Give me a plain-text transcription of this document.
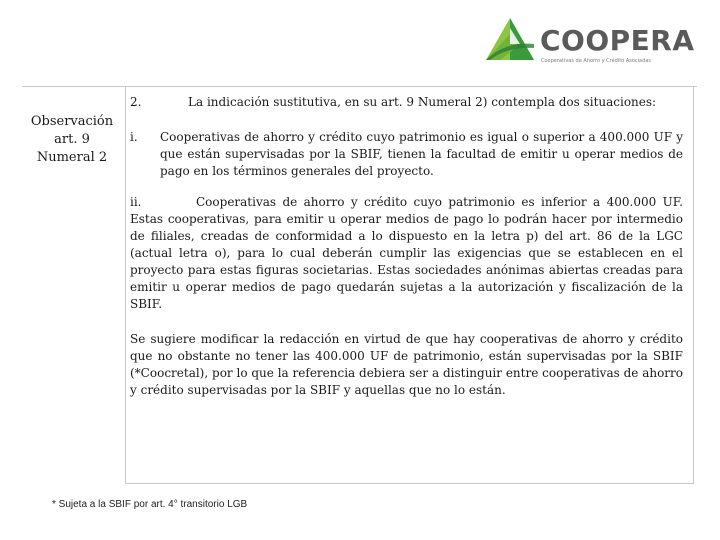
COOPERA
Cooperativas de Ahorro y Crédito Asociadas
Observación
art. 9
Numeral 2

2.	La indicación sustitutiva, en su art. 9 Numeral 2) contempla dos situaciones:

i.	Cooperativas de ahorro y crédito cuyo patrimonio es igual o superior a 400.000 UF y que están supervisadas por la SBIF, tienen la facultad de emitir u operar medios de pago en los términos generales del proyecto.

ii.	Cooperativas de ahorro y crédito cuyo patrimonio es inferior a 400.000 UF. Estas cooperativas, para emitir u operar medios de pago lo podrán hacer por intermedio de filiales, creadas de conformidad a lo dispuesto en la letra p) del art. 86 de la LGC (actual letra o), para lo cual deberán cumplir las exigencias que se establecen en el proyecto para estas figuras societarias. Estas sociedades anónimas abiertas creadas para emitir u operar medios de pago quedarán sujetas a la autorización y fiscalización de la SBIF.

Se sugiere modificar la redacción en virtud de que hay cooperativas de ahorro y crédito que no obstante no tener las 400.000 UF de patrimonio, están supervisadas por la SBIF (*Coocretal), por lo que la referencia debiera ser a distinguir entre cooperativas de ahorro y crédito supervisadas por la SBIF y aquellas que no lo están.

* Sujeta a la SBIF por art. 4° transitorio LGB
